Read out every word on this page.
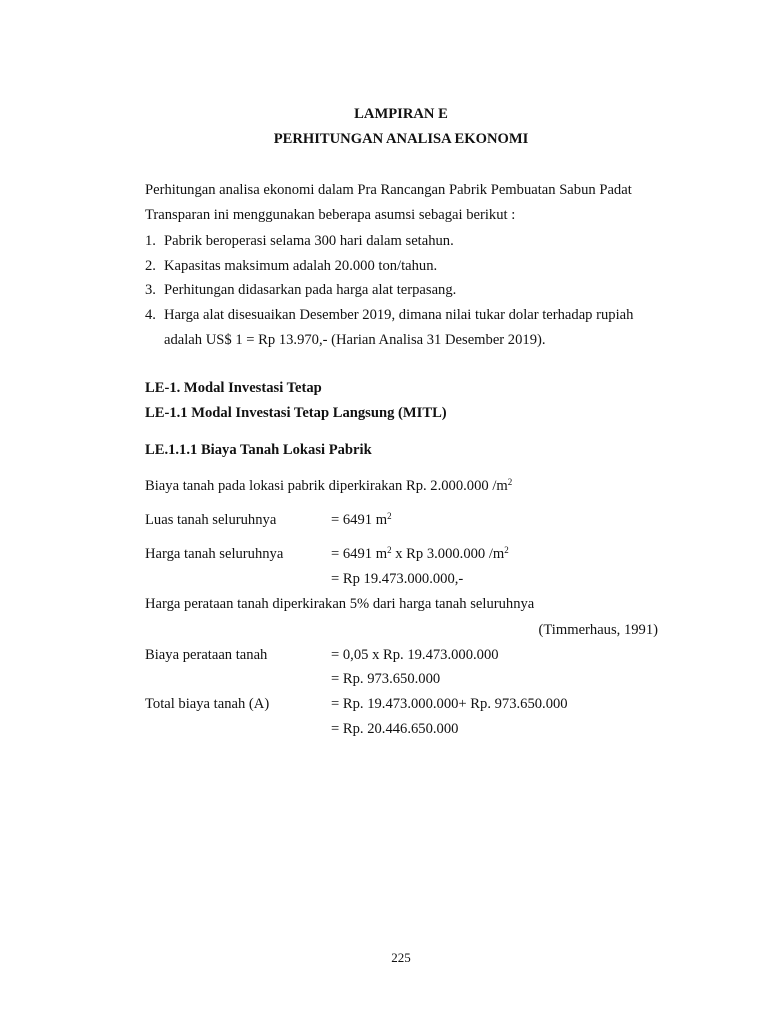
LAMPIRAN E
PERHITUNGAN ANALISA EKONOMI
Perhitungan analisa ekonomi dalam Pra Rancangan Pabrik Pembuatan Sabun Padat
Transparan ini menggunakan beberapa asumsi sebagai berikut :
1. Pabrik beroperasi selama 300 hari dalam setahun.
2. Kapasitas maksimum adalah 20.000 ton/tahun.
3. Perhitungan didasarkan pada harga alat terpasang.
4. Harga alat disesuaikan Desember 2019, dimana nilai tukar dolar terhadap rupiah
adalah US$ 1 = Rp 13.970,- (Harian Analisa 31 Desember 2019).
LE-1. Modal Investasi Tetap
LE-1.1 Modal Investasi Tetap Langsung (MITL)
LE.1.1.1 Biaya Tanah Lokasi Pabrik
Biaya tanah pada lokasi pabrik diperkirakan Rp. 2.000.000 $/m^2$
Luas tanah seluruhnya	= 6491 $m^2$
Harga tanah seluruhnya	= 6491 $m^2$ x Rp 3.000.000 $/m^2$
= Rp 19.473.000.000,-
Harga perataan tanah diperkirakan 5% dari harga tanah seluruhnya
(Timmerhaus, 1991)
Biaya perataan tanah	= 0,05 x Rp. 19.473.000.000
= Rp. 973.650.000
Total biaya tanah (A)	= Rp. 19.473.000.000+ Rp. 973.650.000
= Rp. 20.446.650.000
225
